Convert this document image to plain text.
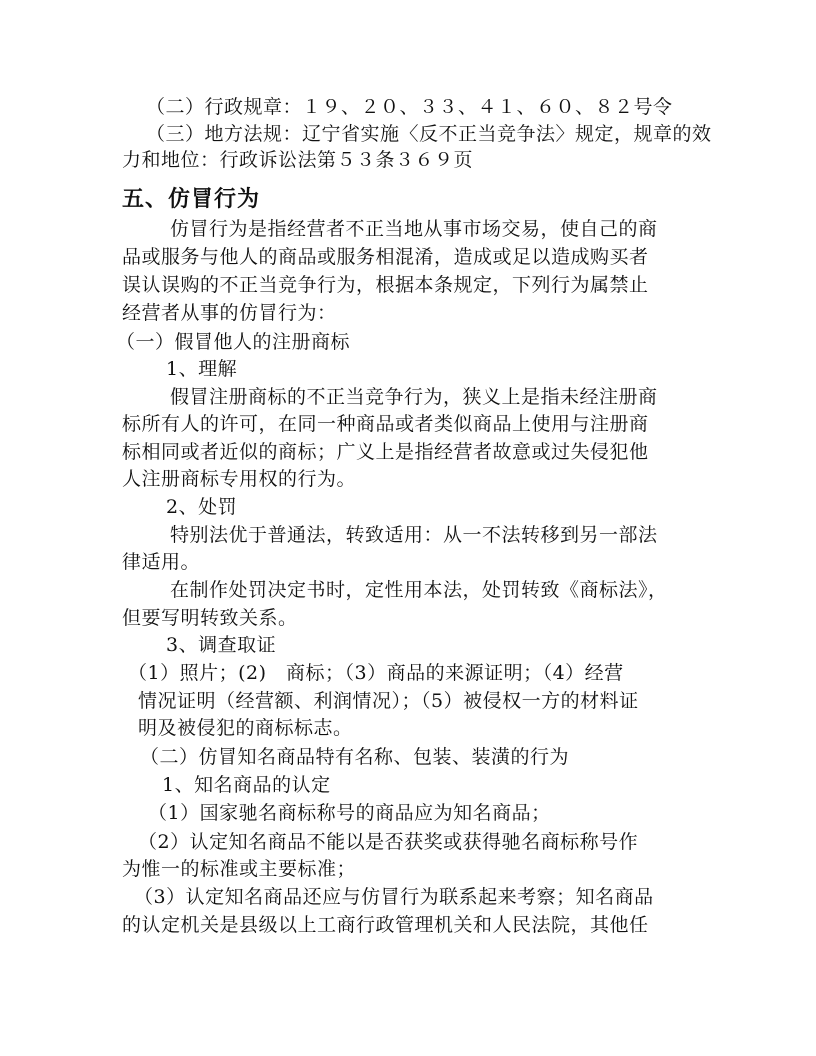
（二）行政规章：１９、２０、３３、４１、６０、８２号令
（三）地方法规：辽宁省实施〈反不正当竞争法〉规定，规章的效
力和地位：行政诉讼法第５３条３６９页
五、仿冒行为
仿冒行为是指经营者不正当地从事市场交易，使自己的商
品或服务与他人的商品或服务相混淆，造成或足以造成购买者
误认误购的不正当竞争行为，根据本条规定，下列行为属禁止
经营者从事的仿冒行为：
（一）假冒他人的注册商标
1、理解
假冒注册商标的不正当竞争行为，狭义上是指未经注册商
标所有人的许可，在同一种商品或者类似商品上使用与注册商
标相同或者近似的商标；广义上是指经营者故意或过失侵犯他
人注册商标专用权的行为。
2、处罚
特别法优于普通法，转致适用：从一不法转移到另一部法
律适用。
在制作处罚决定书时，定性用本法，处罚转致《商标法》，
但要写明转致关系。
3、调查取证
（1）照片；(2)　商标；（3）商品的来源证明；（4）经营
情况证明（经营额、利润情况）；（5）被侵权一方的材料证
明及被侵犯的商标标志。
（二）仿冒知名商品特有名称、包装、装潢的行为
1、知名商品的认定
（1）国家驰名商标称号的商品应为知名商品；
（2）认定知名商品不能以是否获奖或获得驰名商标称号作
为惟一的标准或主要标准；
（3）认定知名商品还应与仿冒行为联系起来考察；知名商品
的认定机关是县级以上工商行政管理机关和人民法院，其他任
